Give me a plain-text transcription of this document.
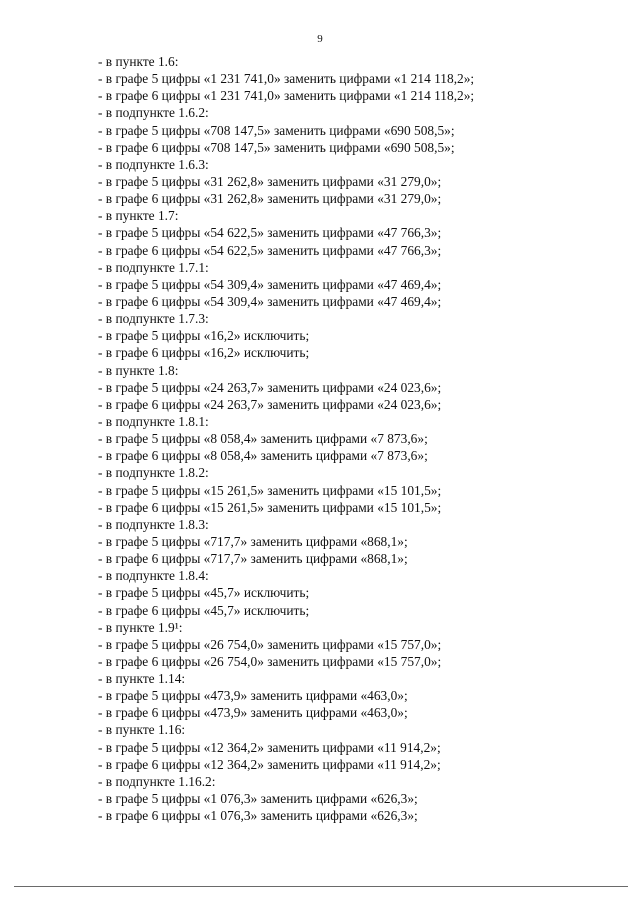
9
- в пункте 1.6:
- в графе 5 цифры «1 231 741,0» заменить цифрами «1 214 118,2»;
- в графе 6 цифры «1 231 741,0» заменить цифрами «1 214 118,2»;
- в подпункте 1.6.2:
- в графе 5 цифры «708 147,5» заменить цифрами «690 508,5»;
- в графе 6 цифры «708 147,5» заменить цифрами «690 508,5»;
- в подпункте 1.6.3:
- в графе 5 цифры «31 262,8» заменить цифрами «31 279,0»;
- в графе 6 цифры «31 262,8» заменить цифрами «31 279,0»;
- в пункте 1.7:
- в графе 5 цифры «54 622,5» заменить цифрами «47 766,3»;
- в графе 6 цифры «54 622,5» заменить цифрами «47 766,3»;
- в подпункте 1.7.1:
- в графе 5 цифры «54 309,4» заменить цифрами «47 469,4»;
- в графе 6 цифры «54 309,4» заменить цифрами «47 469,4»;
- в подпункте 1.7.3:
- в графе 5 цифры «16,2» исключить;
- в графе 6 цифры «16,2» исключить;
- в пункте 1.8:
- в графе 5 цифры «24 263,7» заменить цифрами «24 023,6»;
- в графе 6 цифры «24 263,7» заменить цифрами «24 023,6»;
- в подпункте 1.8.1:
- в графе 5 цифры «8 058,4» заменить цифрами «7 873,6»;
- в графе 6 цифры «8 058,4» заменить цифрами «7 873,6»;
- в подпункте 1.8.2:
- в графе 5 цифры «15 261,5» заменить цифрами «15 101,5»;
- в графе 6 цифры «15 261,5» заменить цифрами «15 101,5»;
- в подпункте 1.8.3:
- в графе 5 цифры «717,7» заменить цифрами «868,1»;
- в графе 6 цифры «717,7» заменить цифрами «868,1»;
- в подпункте 1.8.4:
- в графе 5 цифры «45,7» исключить;
- в графе 6 цифры «45,7» исключить;
- в пункте 1.9¹:
- в графе 5 цифры «26 754,0» заменить цифрами «15 757,0»;
- в графе 6 цифры «26 754,0» заменить цифрами «15 757,0»;
- в пункте 1.14:
- в графе 5 цифры «473,9» заменить цифрами «463,0»;
- в графе 6 цифры «473,9» заменить цифрами «463,0»;
- в пункте 1.16:
- в графе 5 цифры «12 364,2» заменить цифрами «11 914,2»;
- в графе 6 цифры «12 364,2» заменить цифрами «11 914,2»;
- в подпункте 1.16.2:
- в графе 5 цифры «1 076,3» заменить цифрами «626,3»;
- в графе 6 цифры «1 076,3» заменить цифрами «626,3»;
